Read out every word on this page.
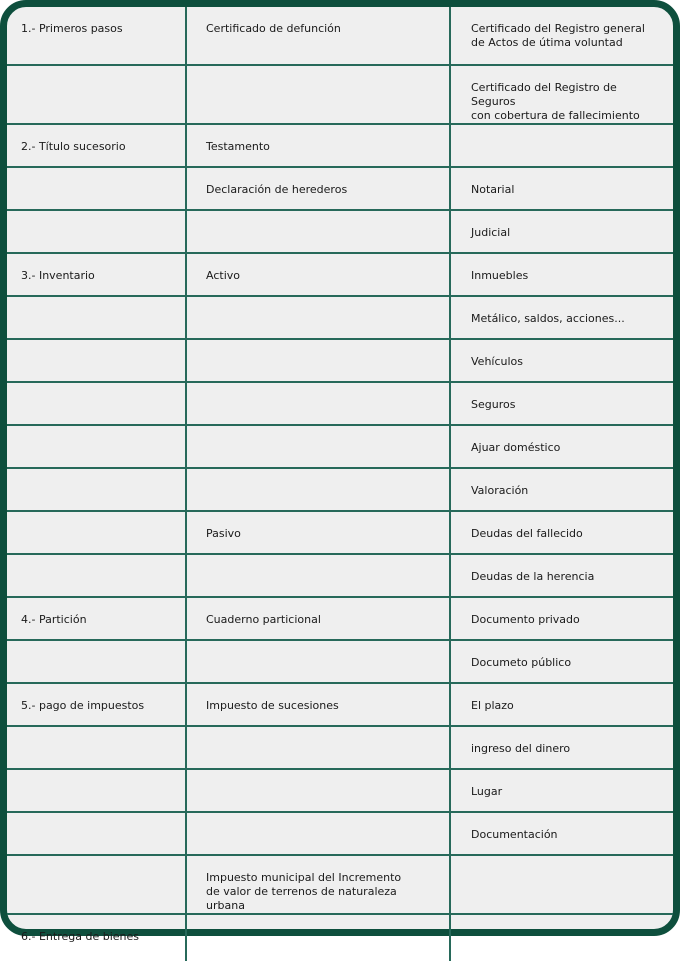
1.- Primeros pasos	Certificado de defunción	Certificado del Registro general
de Actos de útima voluntad

		Certificado del Registro de Seguros
con cobertura de fallecimiento

2.- Título sucesorio	Testamento	

	Declaración de herederos	Notarial

		Judicial

3.- Inventario	Activo	Inmuebles

		Metálico, saldos, acciones...

		Vehículos

		Seguros

		Ajuar doméstico

		Valoración

	Pasivo	Deudas del fallecido

		Deudas de la herencia

4.- Partición	Cuaderno particional	Documento privado

		Documeto público

5.- pago de impuestos	Impuesto de sucesiones	El plazo

		ingreso del dinero

		Lugar

		Documentación

	Impuesto municipal del Incremento
de valor de terrenos de naturaleza urbana	

6.- Entrega de bienes		
